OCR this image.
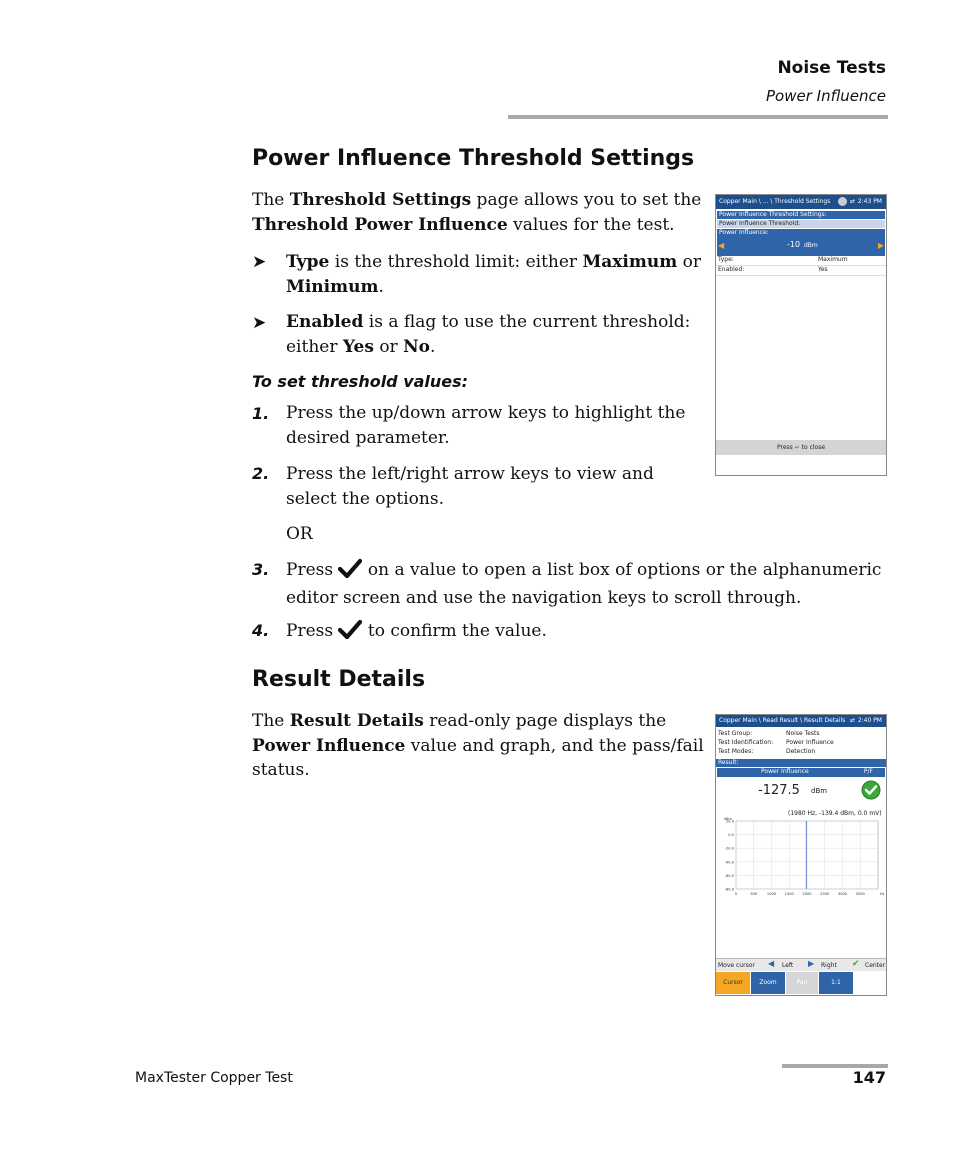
Noise Tests
Power Influence
Power Influence Threshold Settings
The Threshold Settings page allows you to set the Threshold Power Influence values for the test.
➤ Type is the threshold limit: either Maximum or Minimum.
➤ Enabled is a flag to use the current threshold: either Yes or No.
To set threshold values:
1. Press the up/down arrow keys to highlight the desired parameter.
2. Press the left/right arrow keys to view and select the options.
OR
3. Press  on a value to open a list box of options or the alphanumeric editor screen and use the navigation keys to scroll through.
4. Press  to confirm the value.
Copper Main \ ... \ Threshold Settings	⇄ 2:43 PM
Power Influence Threshold Settings:
Power Influence Threshold:
Power Influence:
◀	-10 dBm	▶
Type:	Maximum
Enabled:	Yes
Press ↵ to close
Result Details
The Result Details read-only page displays the Power Influence value and graph, and the pass/fail status.
Copper Main \ Read Result \ Result Details ⇄ 2:40 PM
Test Group:	Noise Tests
Test Identification: Power Influence
Test Modes:	Detection
Result:
Power Influence	P/F
-127.5 dBm
(1980 Hz, -139.4 dBm, 0.0 mV)
20.0
0.0
-20.0
-40.0
-60.0
-80.0
0	500	1000 1500 2000 2500 3000 3500
dBm
Hz
Move cursor ◀ Left ▶ Right ✔ Center
Cursor	Zoom	Pan	1:1
MaxTester Copper Test	147
